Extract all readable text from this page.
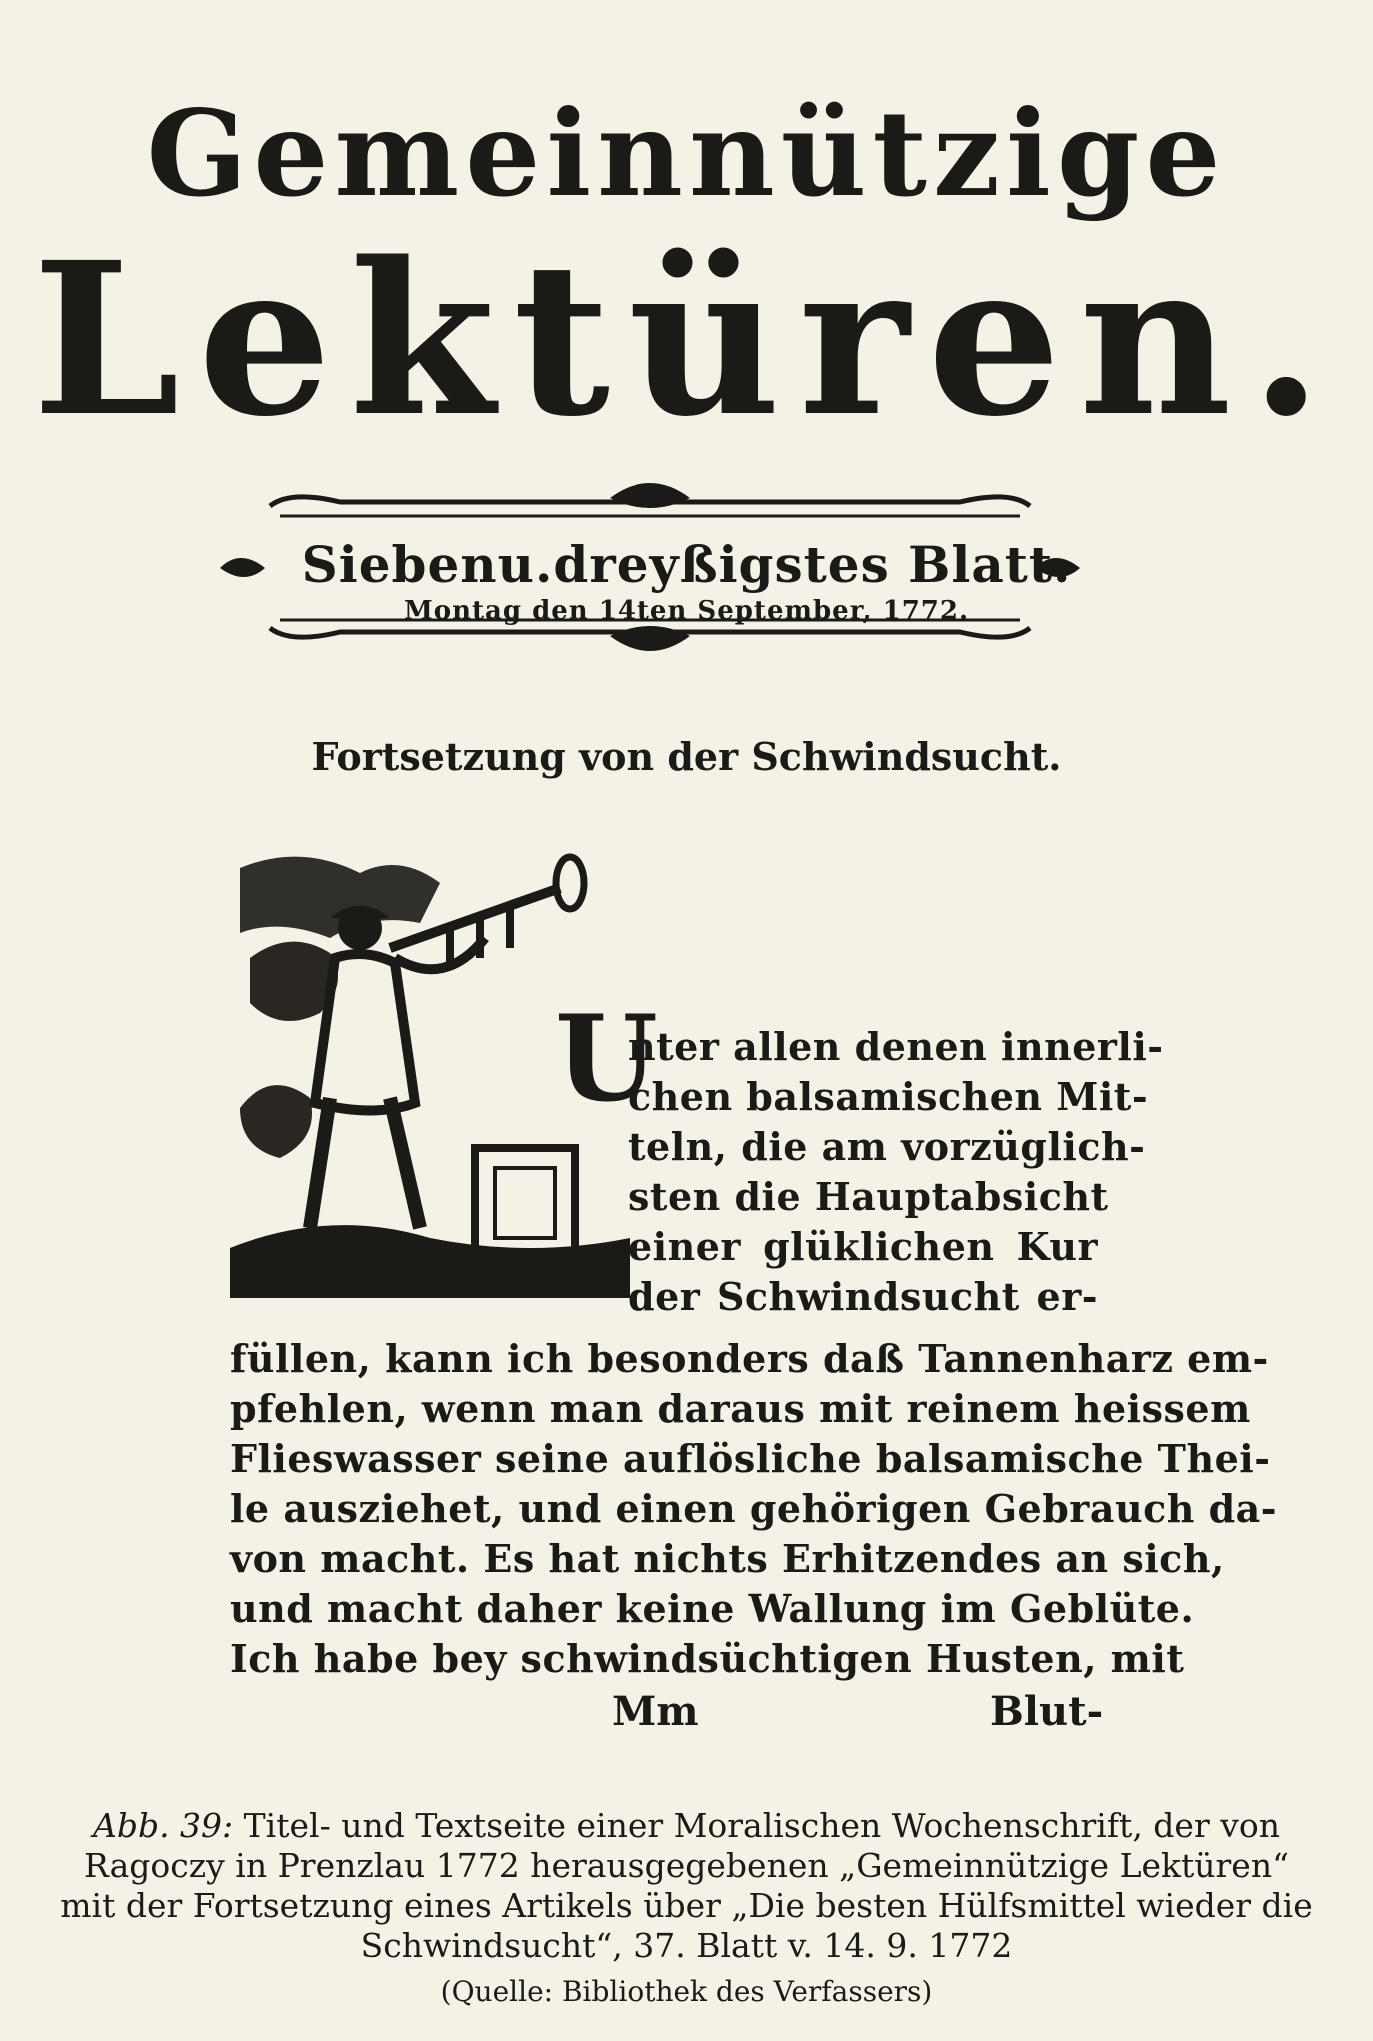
Gemeinnützige
Lektüren.
Siebenu.dreyßigstes Blatt.
Montag den 14ten September, 1772.
Fortsetzung von der Schwindsucht.
U
nter allen denen innerli-
chen balsamischen Mit-
teln, die am vorzüglich-
sten die Hauptabsicht
einer glüklichen Kur
der Schwindsucht er-
füllen, kann ich besonders daß Tannenharz em-
pfehlen, wenn man daraus mit reinem heissem
Flieswasser seine auflösliche balsamische Thei-
le ausziehet, und einen gehörigen Gebrauch da-
von macht. Es hat nichts Erhitzendes an sich,
und macht daher keine Wallung im Geblüte.
Ich habe bey schwindsüchtigen Husten, mit
Mm	Blut-
Abb. 39: Titel- und Textseite einer Moralischen Wochenschrift, der von Ragoczy in Prenzlau 1772 herausgegebenen „Gemeinnützige Lektüren“ mit der Fortsetzung eines Artikels über „Die besten Hülfsmittel wieder die Schwindsucht“, 37. Blatt v. 14. 9. 1772
(Quelle: Bibliothek des Verfassers)
